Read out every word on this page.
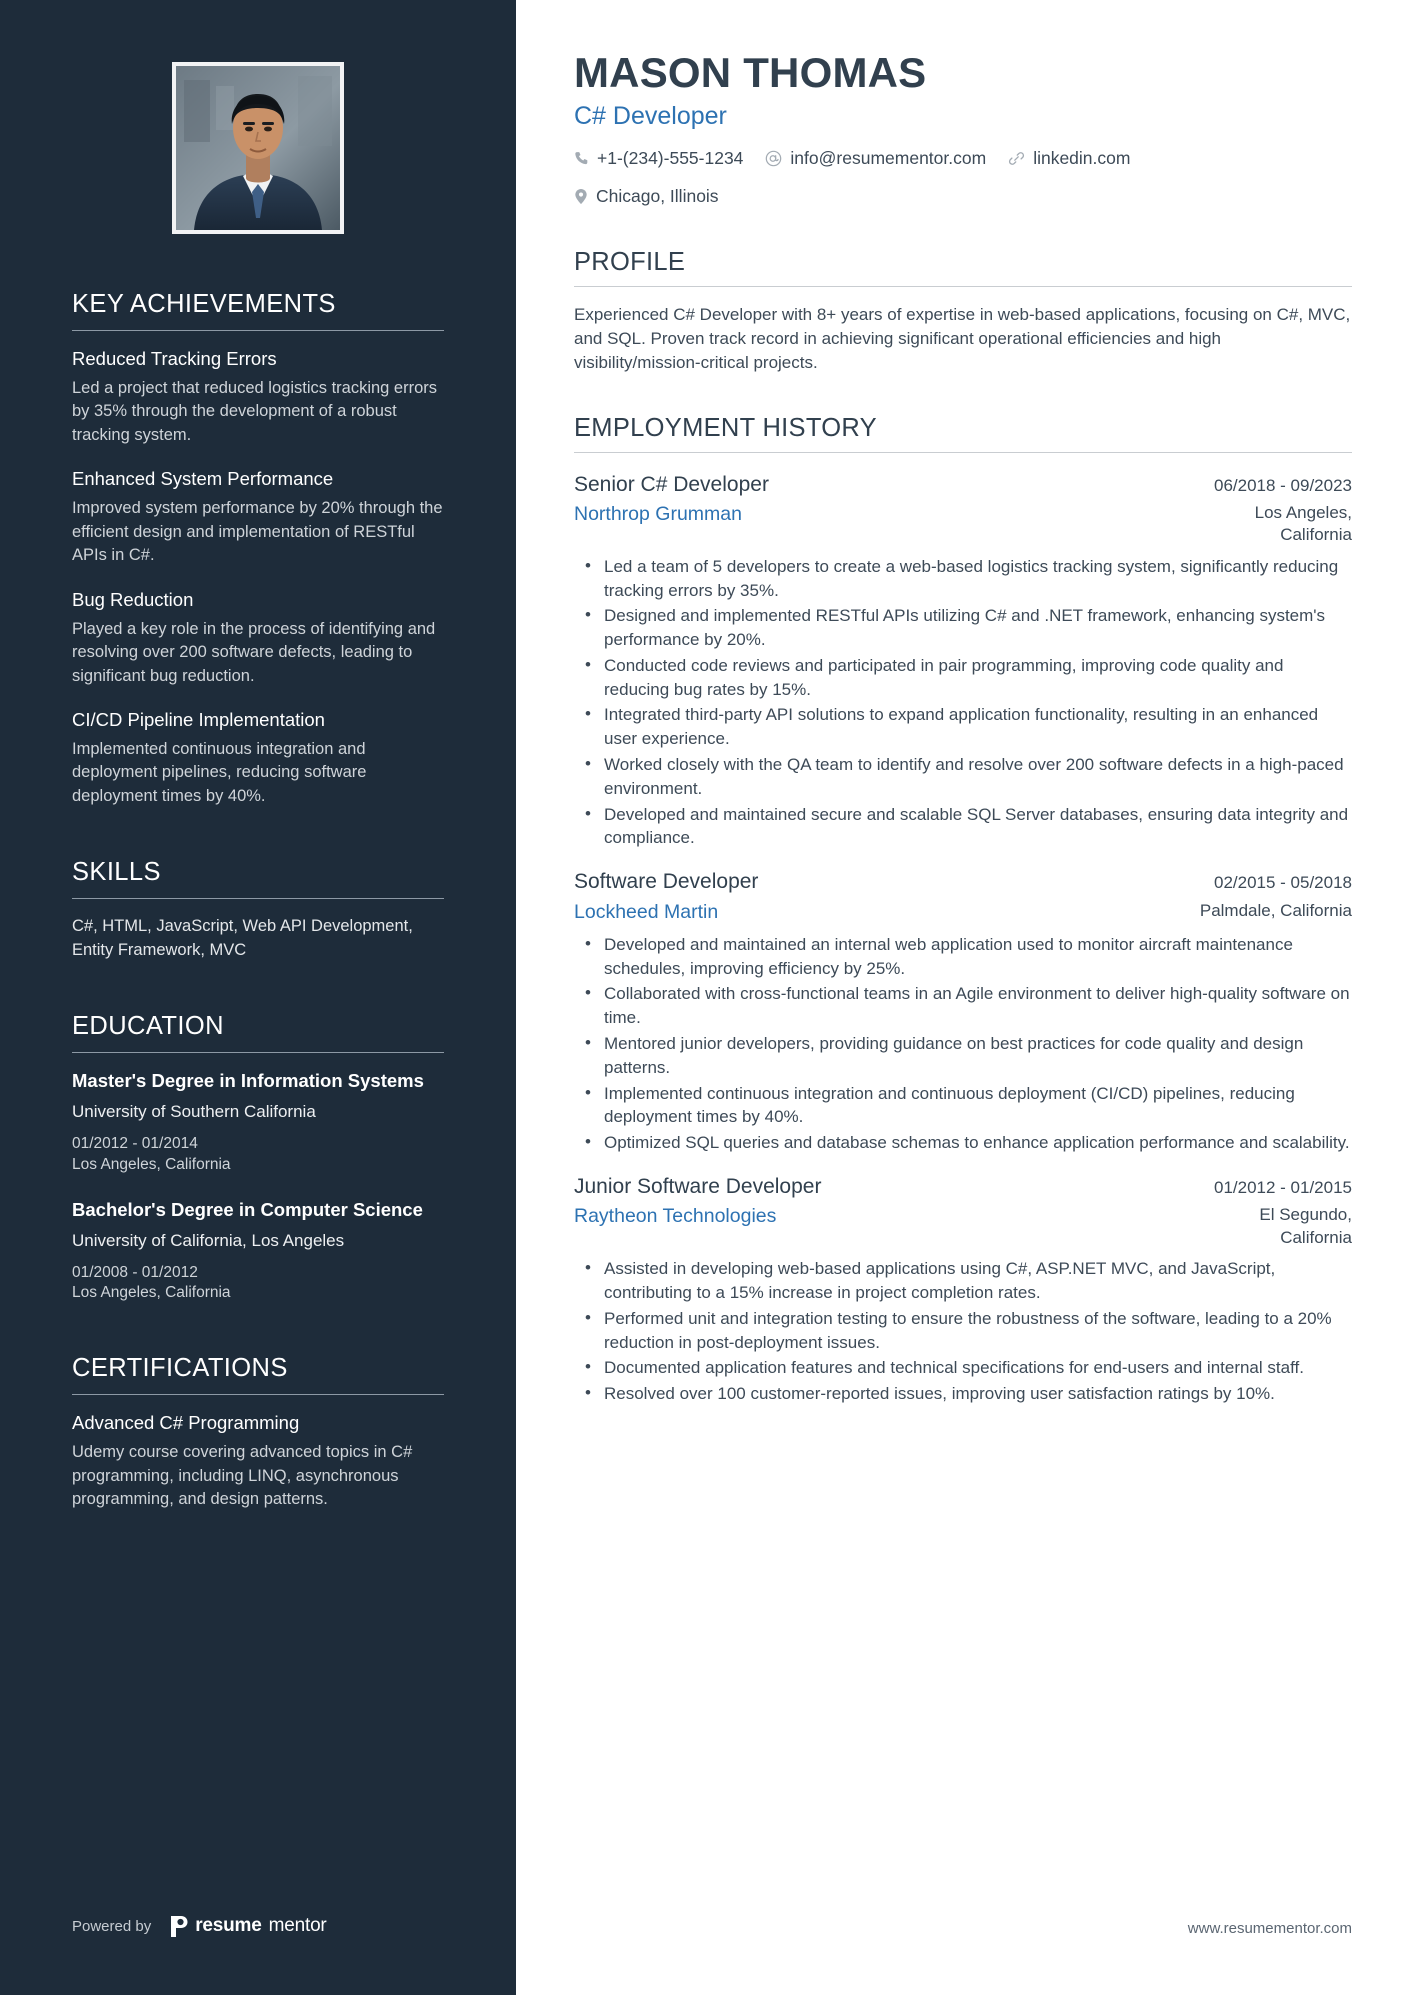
KEY ACHIEVEMENTS
Reduced Tracking Errors
Led a project that reduced logistics tracking errors by 35% through the development of a robust tracking system.
Enhanced System Performance
Improved system performance by 20% through the efficient design and implementation of RESTful APIs in C#.
Bug Reduction
Played a key role in the process of identifying and resolving over 200 software defects, leading to significant bug reduction.
CI/CD Pipeline Implementation
Implemented continuous integration and deployment pipelines, reducing software deployment times by 40%.
SKILLS
C#, HTML, JavaScript, Web API Development, Entity Framework, MVC
EDUCATION
Master's Degree in Information Systems
University of Southern California
01/2012 - 01/2014
Los Angeles, California
Bachelor's Degree in Computer Science
University of California, Los Angeles
01/2008 - 01/2012
Los Angeles, California
CERTIFICATIONS
Advanced C# Programming
Udemy course covering advanced topics in C# programming, including LINQ, asynchronous programming, and design patterns.
Powered by resume mentor
MASON THOMAS
C# Developer
+1-(234)-555-1234	info@resumementor.com	linkedin.com
Chicago, Illinois
PROFILE

Experienced C# Developer with 8+ years of expertise in web-based applications, focusing on C#, MVC, and SQL. Proven track record in achieving significant operational efficiencies and high visibility/mission-critical projects.

EMPLOYMENT HISTORY
Senior C# Developer	06/2018 - 09/2023
Northrop Grumman	Los Angeles, California
• Led a team of 5 developers to create a web-based logistics tracking system, significantly reducing tracking errors by 35%.
• Designed and implemented RESTful APIs utilizing C# and .NET framework, enhancing system's performance by 20%.
• Conducted code reviews and participated in pair programming, improving code quality and reducing bug rates by 15%.
• Integrated third-party API solutions to expand application functionality, resulting in an enhanced user experience.
• Worked closely with the QA team to identify and resolve over 200 software defects in a high-paced environment.
• Developed and maintained secure and scalable SQL Server databases, ensuring data integrity and compliance.
Software Developer	02/2015 - 05/2018
Lockheed Martin	Palmdale, California
• Developed and maintained an internal web application used to monitor aircraft maintenance schedules, improving efficiency by 25%.
• Collaborated with cross-functional teams in an Agile environment to deliver high-quality software on time.
• Mentored junior developers, providing guidance on best practices for code quality and design patterns.
• Implemented continuous integration and continuous deployment (CI/CD) pipelines, reducing deployment times by 40%.
• Optimized SQL queries and database schemas to enhance application performance and scalability.
Junior Software Developer	01/2012 - 01/2015
Raytheon Technologies	El Segundo, California
• Assisted in developing web-based applications using C#, ASP.NET MVC, and JavaScript, contributing to a 15% increase in project completion rates.
• Performed unit and integration testing to ensure the robustness of the software, leading to a 20% reduction in post-deployment issues.
• Documented application features and technical specifications for end-users and internal staff.
• Resolved over 100 customer-reported issues, improving user satisfaction ratings by 10%.
www.resumementor.com
